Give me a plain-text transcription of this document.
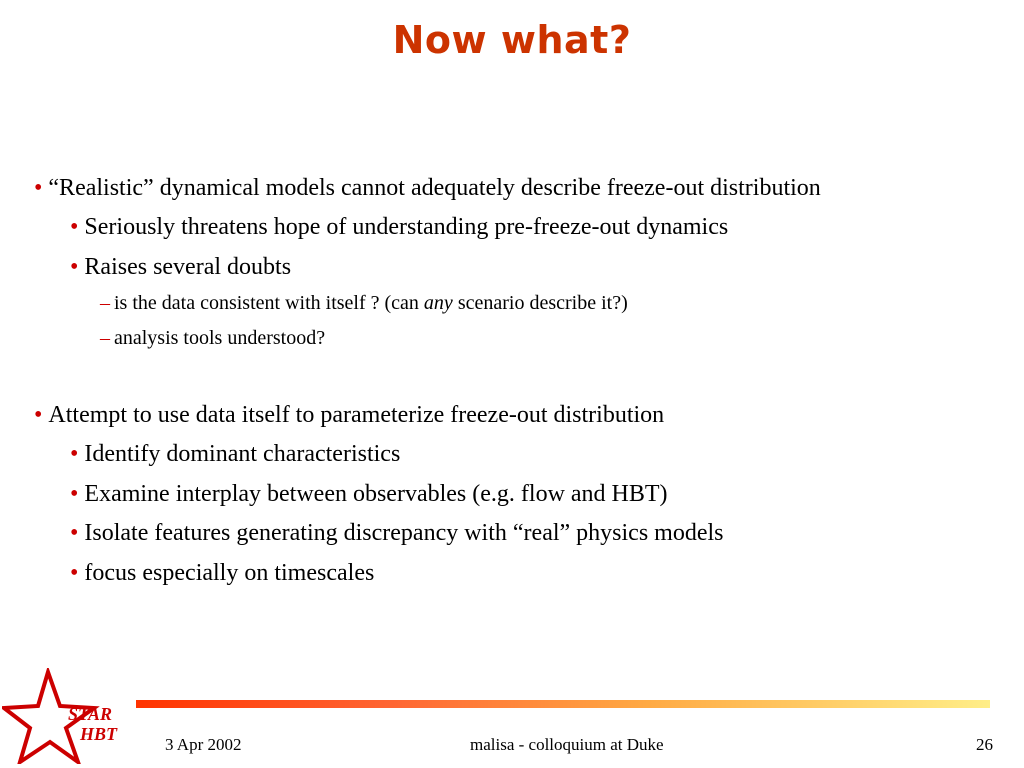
Now what?
• “Realistic” dynamical models cannot adequately describe freeze-out distribution
• Seriously threatens hope of understanding pre-freeze-out dynamics
• Raises several doubts
– is the data consistent with itself ? (can any scenario describe it?)
– analysis tools understood?
• Attempt to use data itself to parameterize freeze-out distribution
• Identify dominant characteristics
• Examine interplay between observables (e.g. flow and HBT)
• Isolate features generating discrepancy with “real” physics models
• focus especially on timescales
STAR
HBT
3 Apr 2002	malisa - colloquium at Duke	26
